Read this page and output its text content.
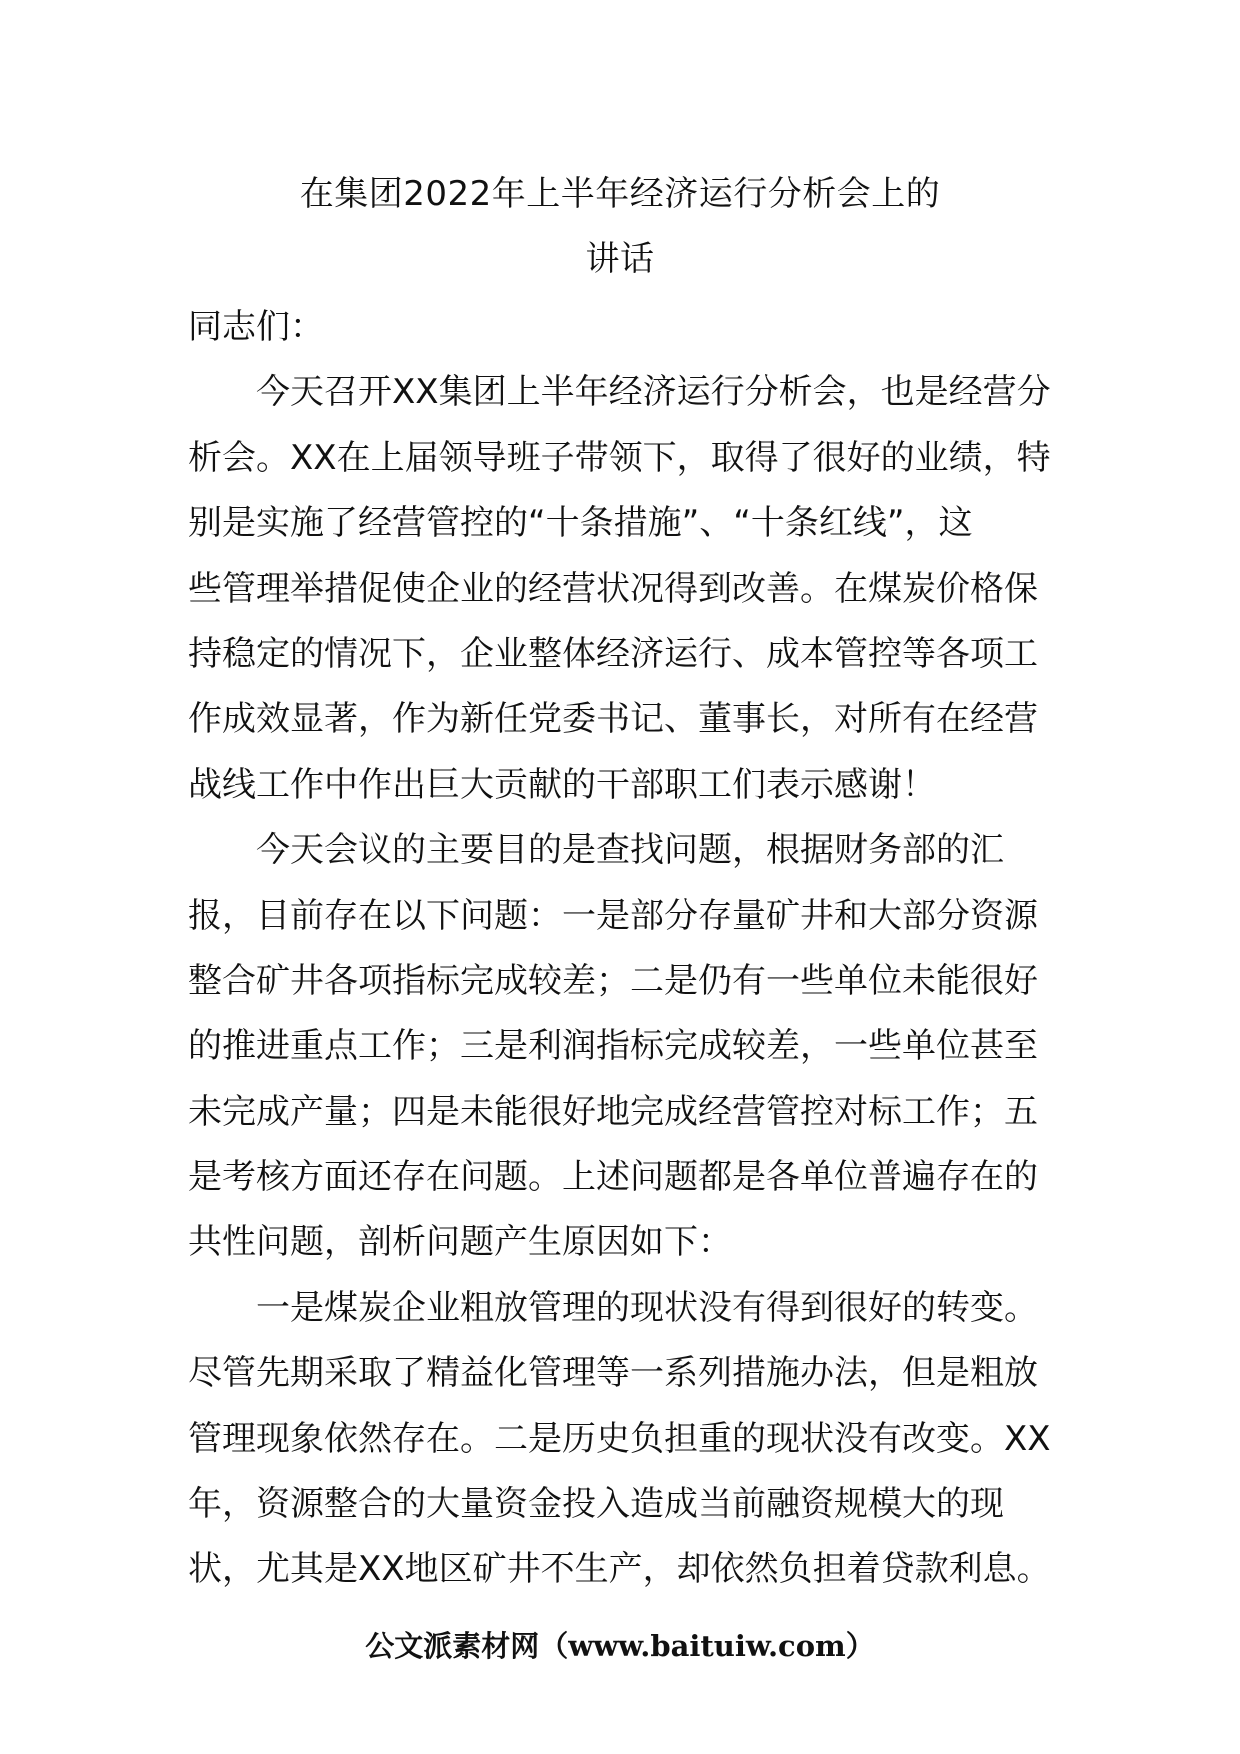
在集团2022年上半年经济运行分析会上的
讲话
同志们：
今天召开XX集团上半年经济运行分析会，也是经营分
析会。XX在上届领导班子带领下，取得了很好的业绩，特
别是实施了经营管控的“十条措施”、“十条红线”，这
些管理举措促使企业的经营状况得到改善。在煤炭价格保
持稳定的情况下，企业整体经济运行、成本管控等各项工
作成效显著，作为新任党委书记、董事长，对所有在经营
战线工作中作出巨大贡献的干部职工们表示感谢！
今天会议的主要目的是查找问题，根据财务部的汇
报，目前存在以下问题：一是部分存量矿井和大部分资源
整合矿井各项指标完成较差；二是仍有一些单位未能很好
的推进重点工作；三是利润指标完成较差，一些单位甚至
未完成产量；四是未能很好地完成经营管控对标工作；五
是考核方面还存在问题。上述问题都是各单位普遍存在的
共性问题，剖析问题产生原因如下：
一是煤炭企业粗放管理的现状没有得到很好的转变。
尽管先期采取了精益化管理等一系列措施办法，但是粗放
管理现象依然存在。二是历史负担重的现状没有改变。XX
年，资源整合的大量资金投入造成当前融资规模大的现
状，尤其是XX地区矿井不生产，却依然负担着贷款利息。
公文派素材网（www.baituiw.com）
